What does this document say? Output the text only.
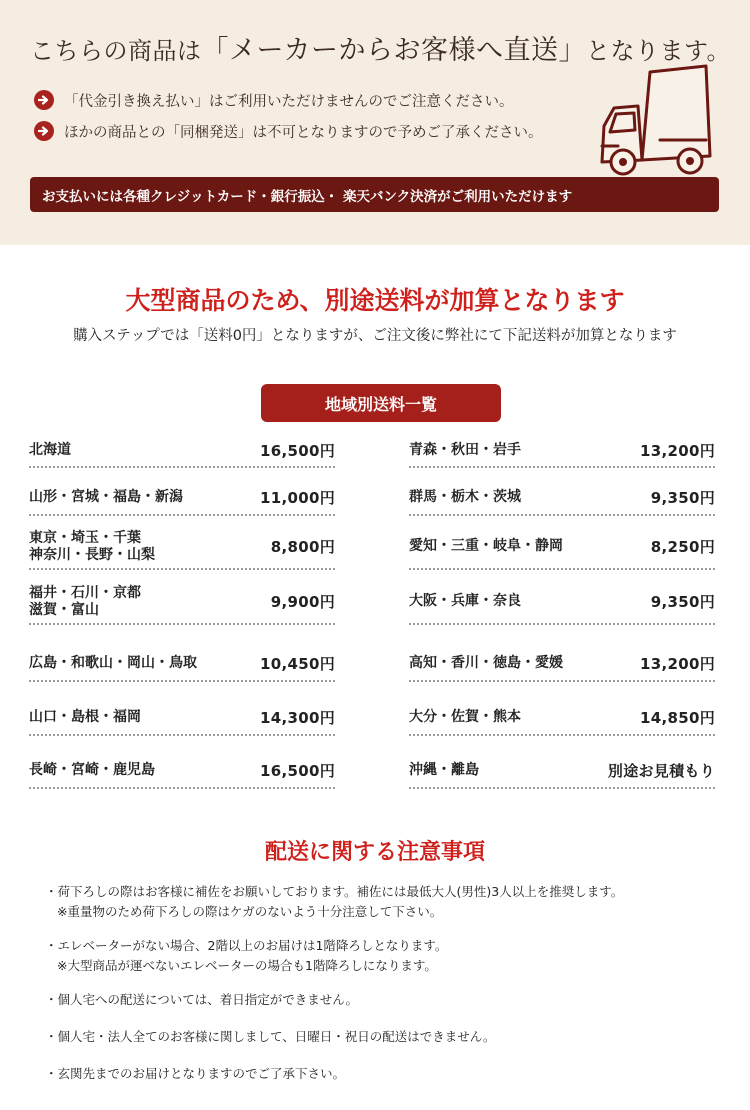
こちらの商品は「メーカーからお客様へ直送」となります。
「代金引き換え払い」はご利用いただけませんのでご注意ください。
ほかの商品との「同梱発送」は不可となりますので予めご了承ください。
お支払いには各種クレジットカード・銀行振込・ 楽天バンク決済がご利用いただけます
大型商品のため、別途送料が加算となります
購入ステップでは「送料0円」となりますが、ご注文後に弊社にて下記送料が加算となります
地域別送料一覧
北海道	16,500円
山形・宮城・福島・新潟	11,000円
東京・埼玉・千葉
神奈川・長野・山梨	8,800円
福井・石川・京都
滋賀・富山	9,900円
広島・和歌山・岡山・鳥取	10,450円
山口・島根・福岡	14,300円
長崎・宮崎・鹿児島	16,500円
青森・秋田・岩手	13,200円
群馬・栃木・茨城	9,350円
愛知・三重・岐阜・静岡	8,250円
大阪・兵庫・奈良	9,350円
高知・香川・徳島・愛媛	13,200円
大分・佐賀・熊本	14,850円
沖縄・離島	別途お見積もり
配送に関する注意事項
・荷下ろしの際はお客様に補佐をお願いしております。補佐には最低大人(男性)3人以上を推奨します。
※重量物のため荷下ろしの際はケガのないよう十分注意して下さい。
・エレベーターがない場合、2階以上のお届けは1階降ろしとなります。
※大型商品が運べないエレベーターの場合も1階降ろしになります。
・個人宅への配送については、着日指定ができません。
・個人宅・法人全てのお客様に関しまして、日曜日・祝日の配送はできません。
・玄関先までのお届けとなりますのでご了承下さい。
